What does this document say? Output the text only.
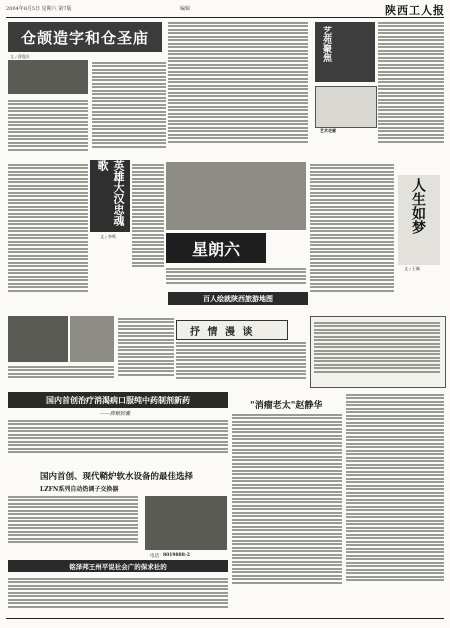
2004年8月5日 星期六 第7版	编辑	陕西工人报
仓颉造字和仓圣庙
文 / 薛俊民	艺苑聚焦
艺术走廊
英雄大汉忠魂歌
文 / 李鸣
星朗六
百人绘就陕西旅游地图
人生如梦
文 / 王佩
抒 情 漫 谈
国内首创治疗消渴病口服纯中药制剂新药
——降糖胶囊
"消瘤老太"赵静华
国内首创、现代鞘炉软水设备的最佳选择
LZFN系列自动热调子交换器
电话： 8019888-2
铭泽邦王州平说社会广的保求社的
